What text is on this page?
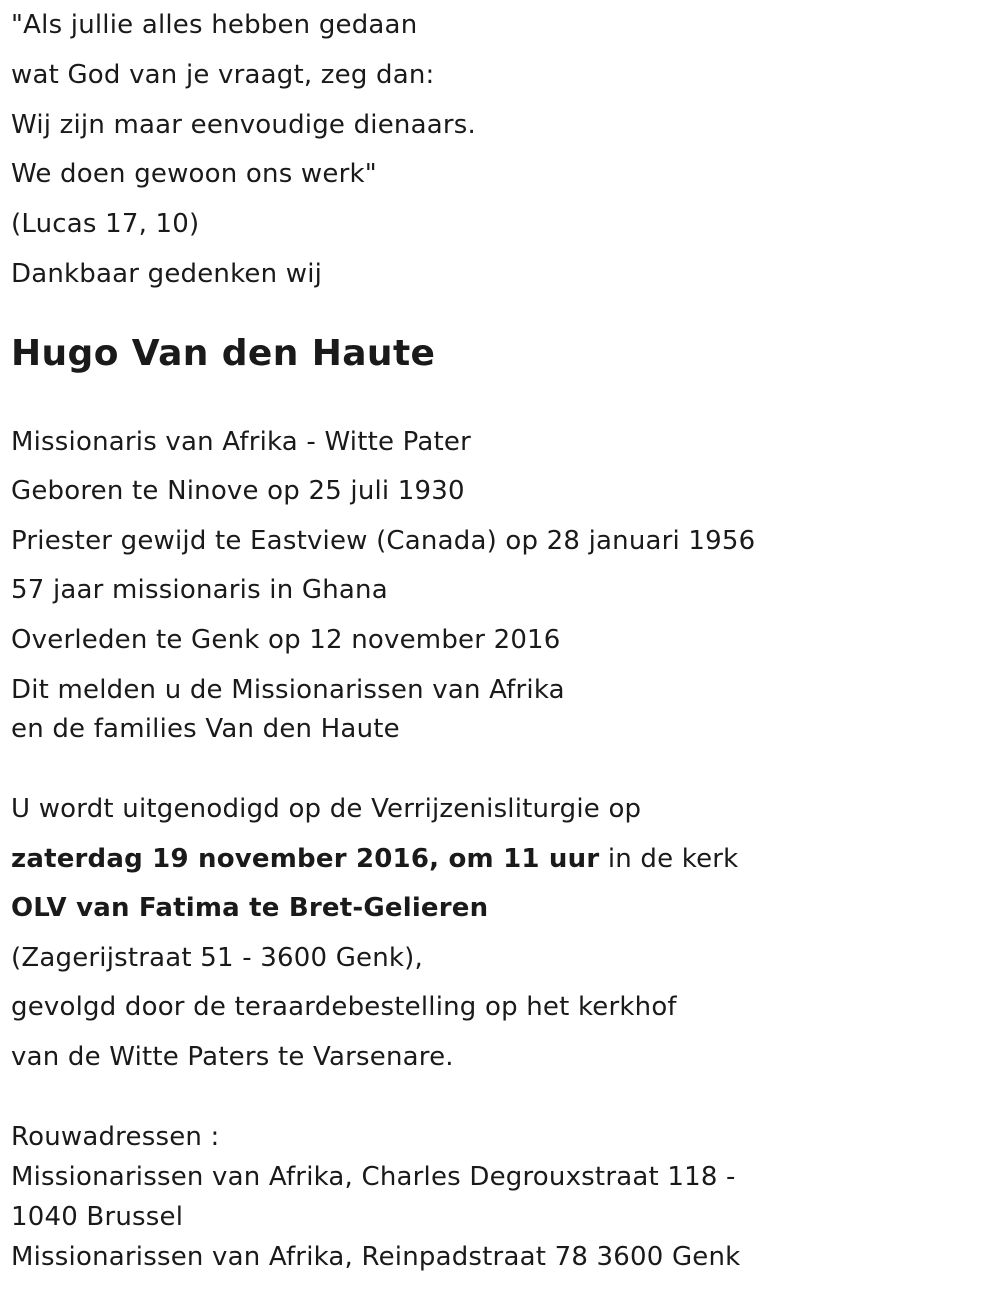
"Als jullie alles hebben gedaan
wat God van je vraagt, zeg dan:
Wij zijn maar eenvoudige dienaars.
We doen gewoon ons werk"
(Lucas 17, 10)
Dankbaar gedenken wij
Hugo Van den Haute
Missionaris van Afrika - Witte Pater
Geboren te Ninove op 25 juli 1930
Priester gewijd te Eastview (Canada) op 28 januari 1956
57 jaar missionaris in Ghana
Overleden te Genk op 12 november 2016
Dit melden u de Missionarissen van Afrika
en de families Van den Haute
U wordt uitgenodigd op de Verrijzenisliturgie op
zaterdag 19 november 2016, om 11 uur in de kerk
OLV van Fatima te Bret-Gelieren
(Zagerijstraat 51 - 3600 Genk),
gevolgd door de teraardebestelling op het kerkhof
van de Witte Paters te Varsenare.
Rouwadressen :
Missionarissen van Afrika, Charles Degrouxstraat 118 -
1040 Brussel
Missionarissen van Afrika, Reinpadstraat 78 3600 Genk
